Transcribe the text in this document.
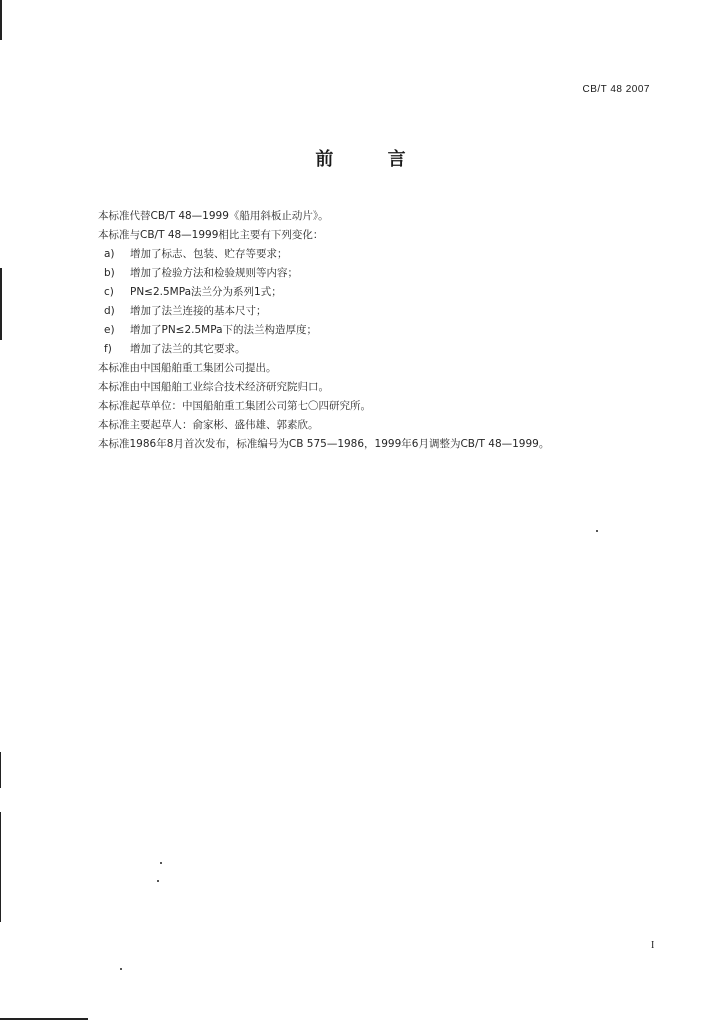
CB/T 48 2007
前 言
本标准代替CB/T 48—1999《船用斜板止动片》。
本标准与CB/T 48—1999相比主要有下列变化：
a) 增加了标志、包装、贮存等要求；
b) 增加了检验方法和检验规则等内容；
c) PN≤2.5MPa法兰分为系列1式；
d) 增加了法兰连接的基本尺寸；
e) 增加了PN≤2.5MPa下的法兰构造厚度；
f) 增加了法兰的其它要求。
本标准由中国船舶重工集团公司提出。
本标准由中国船舶工业综合技术经济研究院归口。
本标准起草单位：中国船舶重工集团公司第七〇四研究所。
本标准主要起草人：俞家彬、盛伟雄、郭素欣。
本标准1986年8月首次发布，标准编号为CB 575—1986，1999年6月调整为CB/T 48—1999。
I
